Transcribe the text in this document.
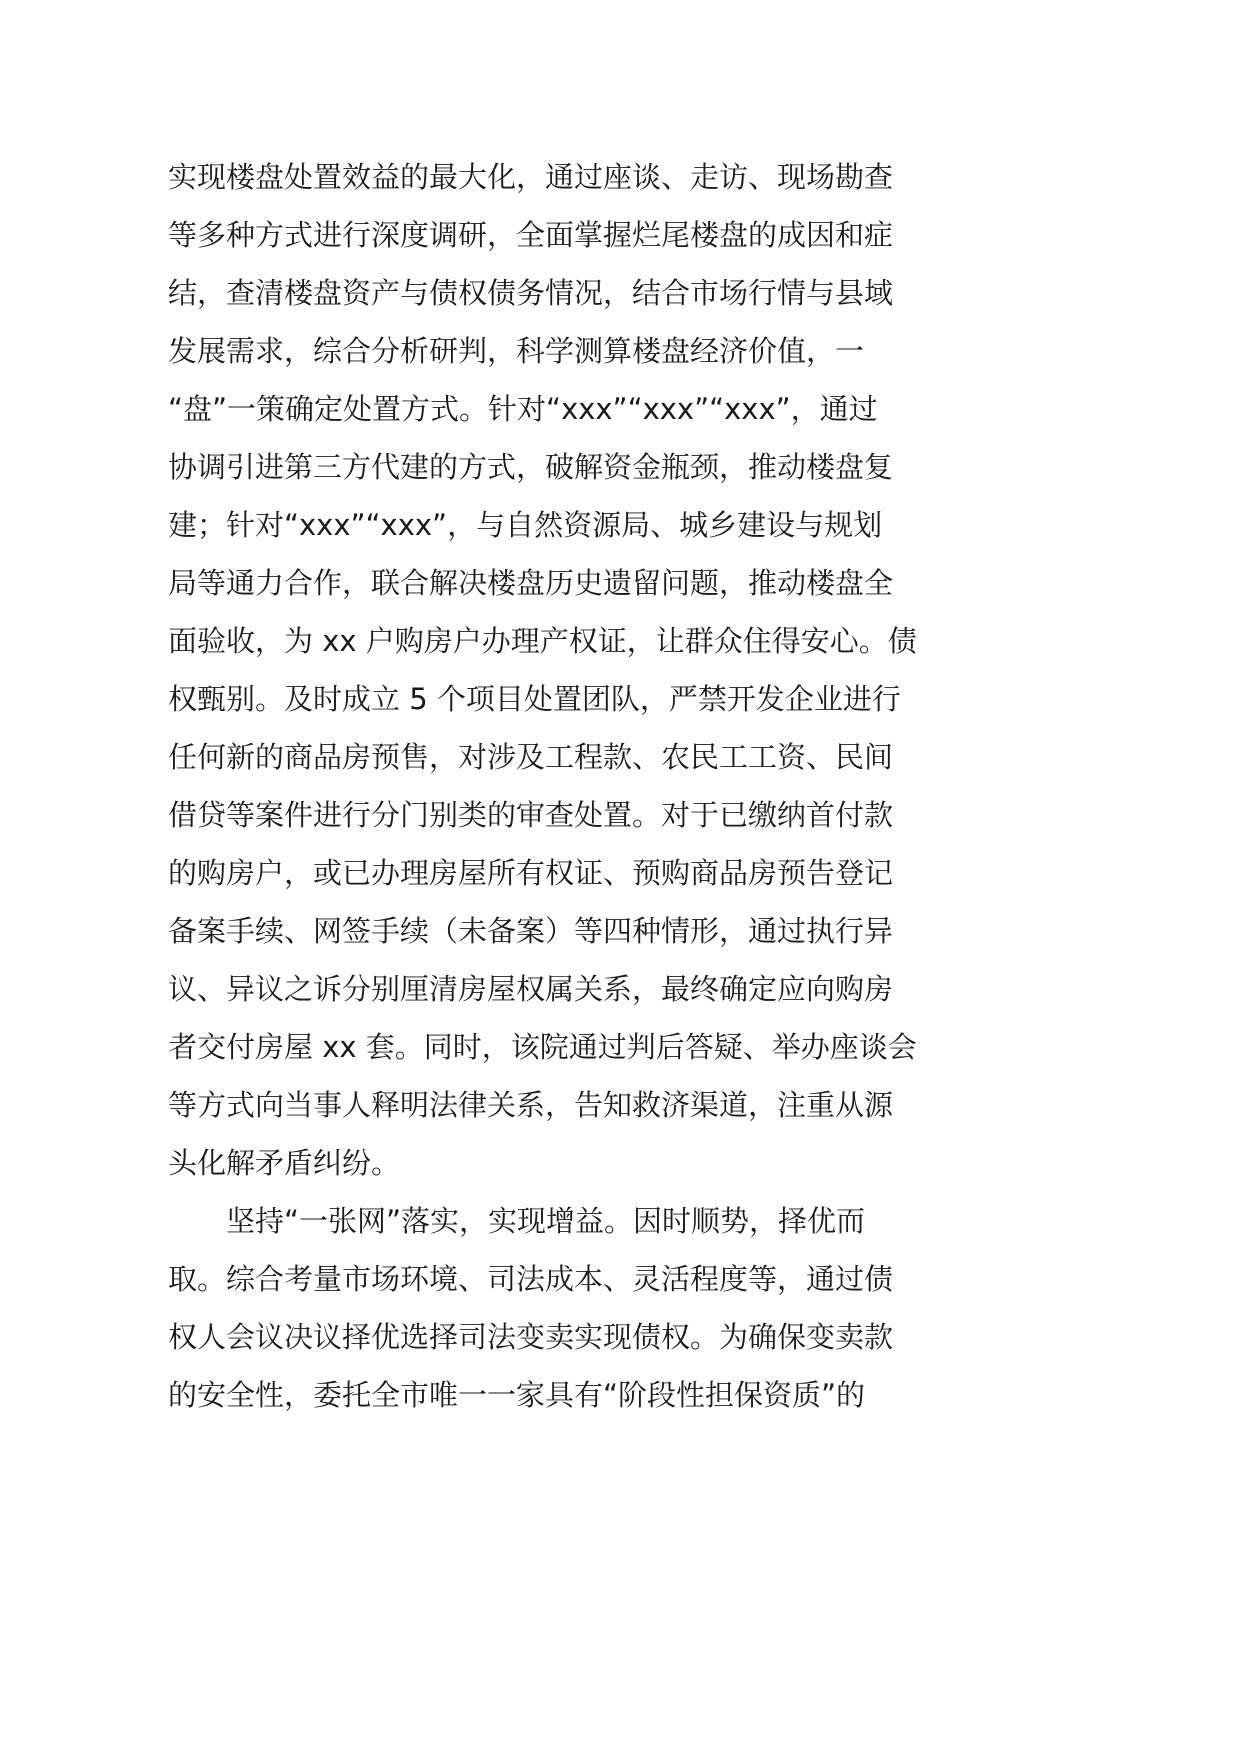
实现楼盘处置效益的最大化，通过座谈、走访、现场勘查
等多种方式进行深度调研，全面掌握烂尾楼盘的成因和症
结，查清楼盘资产与债权债务情况，结合市场行情与县域
发展需求，综合分析研判，科学测算楼盘经济价值，一
“盘”一策确定处置方式。针对“xxx”“xxx”“xxx”，通过
协调引进第三方代建的方式，破解资金瓶颈，推动楼盘复
建；针对“xxx”“xxx”，与自然资源局、城乡建设与规划
局等通力合作，联合解决楼盘历史遗留问题，推动楼盘全
面验收，为 xx 户购房户办理产权证，让群众住得安心。债
权甄别。及时成立 5 个项目处置团队，严禁开发企业进行
任何新的商品房预售，对涉及工程款、农民工工资、民间
借贷等案件进行分门别类的审查处置。对于已缴纳首付款
的购房户，或已办理房屋所有权证、预购商品房预告登记
备案手续、网签手续（未备案）等四种情形，通过执行异
议、异议之诉分别厘清房屋权属关系，最终确定应向购房
者交付房屋 xx 套。同时，该院通过判后答疑、举办座谈会
等方式向当事人释明法律关系，告知救济渠道，注重从源
头化解矛盾纠纷。
坚持“一张网”落实，实现增益。因时顺势，择优而
取。综合考量市场环境、司法成本、灵活程度等，通过债
权人会议决议择优选择司法变卖实现债权。为确保变卖款
的安全性，委托全市唯一一家具有“阶段性担保资质”的
